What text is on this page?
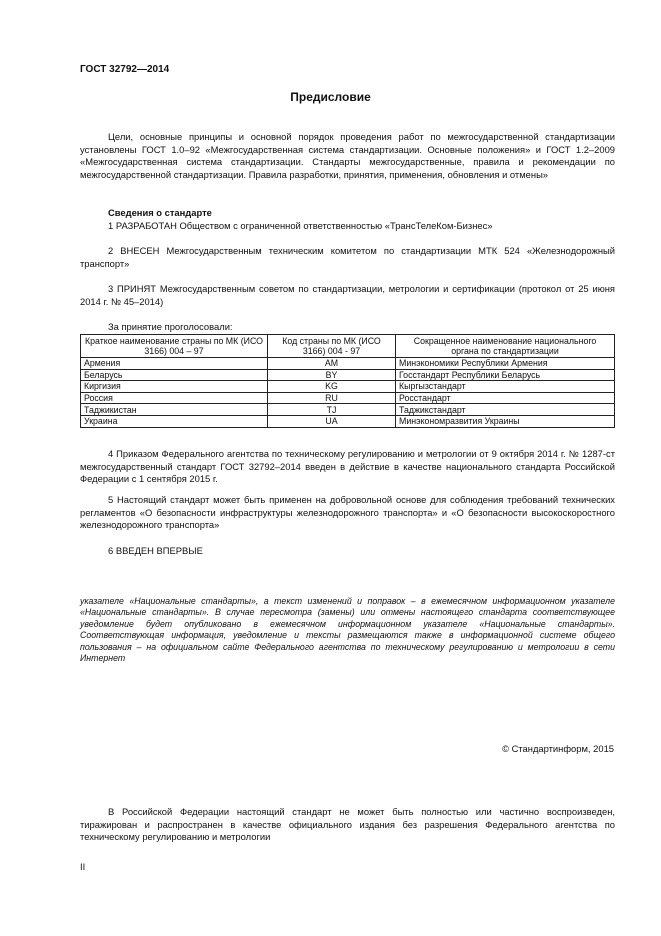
ГОСТ 32792—2014
Предисловие
Цели, основные принципы и основной порядок проведения работ по межгосударственной стандартизации установлены ГОСТ 1.0–92 «Межгосударственная система стандартизации. Основные положения» и ГОСТ 1.2–2009 «Межгосударственная система стандартизации. Стандарты межгосударственные, правила и рекомендации по межгосударственной стандартизации. Правила разработки, принятия, применения, обновления и отмены»
Сведения о стандарте
1 РАЗРАБОТАН Обществом с ограниченной ответственностью «ТрансТелеКом-Бизнес»
2 ВНЕСЕН Межгосударственным техническим комитетом по стандартизации МТК 524 «Железнодорожный транспорт»
3 ПРИНЯТ Межгосударственным советом по стандартизации, метрологии и сертификации (протокол от 25 июня 2014 г. № 45–2014)
За принятие проголосовали:
Краткое наименование страны по МК (ИСО 3166) 004 – 97	Код страны по МК (ИСО 3166) 004 - 97	Сокращенное наименование национального органа по стандартизации
Армения	AM	Минэкономики Республики Армения
Беларусь	BY	Госстандарт Республики Беларусь
Киргизия	KG	Кыргызстандарт
Россия	RU	Росстандарт
Таджикистан	TJ	Таджикстандарт
Украина	UA	Минэкономразвития Украины
4 Приказом Федерального агентства по техническому регулированию и метрологии от 9 октября 2014 г. № 1287-ст межгосударственный стандарт ГОСТ 32792–2014 введен в действие в качестве национального стандарта Российской Федерации с 1 сентября 2015 г.
5 Настоящий стандарт может быть применен на добровольной основе для соблюдения требований технических регламентов «О безопасности инфраструктуры железнодорожного транспорта» и «О безопасности высокоскоростного железнодорожного транспорта»
6 ВВЕДЕН ВПЕРВЫЕ
указателе «Национальные стандарты», а текст изменений и поправок – в ежемесячном информационном указателе «Национальные стандарты». В случае пересмотра (замены) или отмены настоящего стандарта соответствующее уведомление будет опубликовано в ежемесячном информационном указателе «Национальные стандарты». Соответствующая информация, уведомление и тексты размещаются также в информационной системе общего пользования – на официальном сайте Федерального агентства по техническому регулированию и метрологии в сети Интернет
© Стандартинформ, 2015
В Российской Федерации настоящий стандарт не может быть полностью или частично воспроизведен, тиражирован и распространен в качестве официального издания без разрешения Федерального агентства по техническому регулированию и метрологии
II
